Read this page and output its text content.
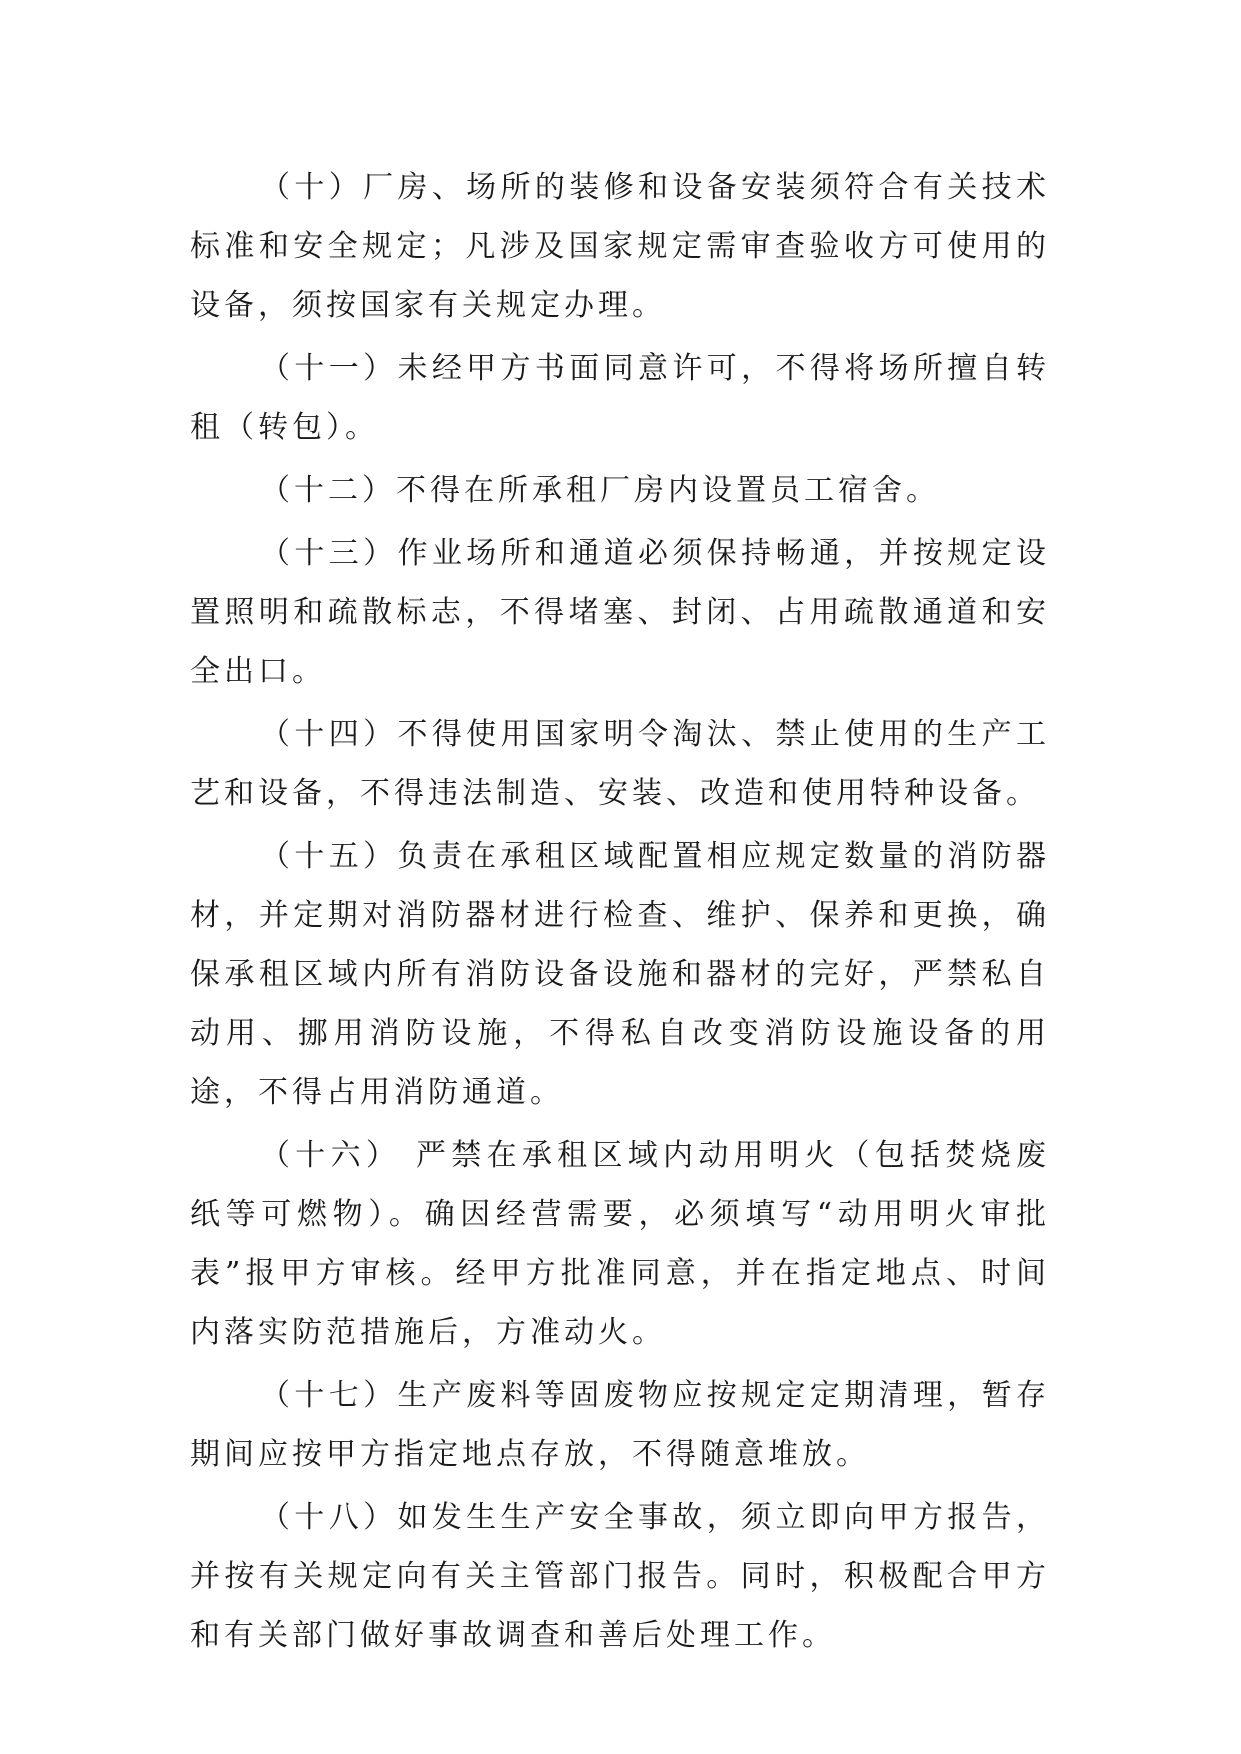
（十）厂房、场所的装修和设备安装须符合有关技术标准和安全规定；凡涉及国家规定需审查验收方可使用的设备，须按国家有关规定办理。

（十一）未经甲方书面同意许可，不得将场所擅自转租（转包）。

（十二）不得在所承租厂房内设置员工宿舍。

（十三）作业场所和通道必须保持畅通，并按规定设置照明和疏散标志，不得堵塞、封闭、占用疏散通道和安全出口。

（十四）不得使用国家明令淘汰、禁止使用的生产工艺和设备，不得违法制造、安装、改造和使用特种设备。

（十五）负责在承租区域配置相应规定数量的消防器材，并定期对消防器材进行检查、维护、保养和更换，确保承租区域内所有消防设备设施和器材的完好，严禁私自动用、挪用消防设施，不得私自改变消防设施设备的用途，不得占用消防通道。

（十六） 严禁在承租区域内动用明火（包括焚烧废纸等可燃物）。确因经营需要，必须填写“动用明火审批表”报甲方审核。经甲方批准同意，并在指定地点、时间内落实防范措施后，方准动火。

（十七）生产废料等固废物应按规定定期清理，暂存期间应按甲方指定地点存放，不得随意堆放。

（十八）如发生生产安全事故，须立即向甲方报告，并按有关规定向有关主管部门报告。同时，积极配合甲方和有关部门做好事故调查和善后处理工作。
